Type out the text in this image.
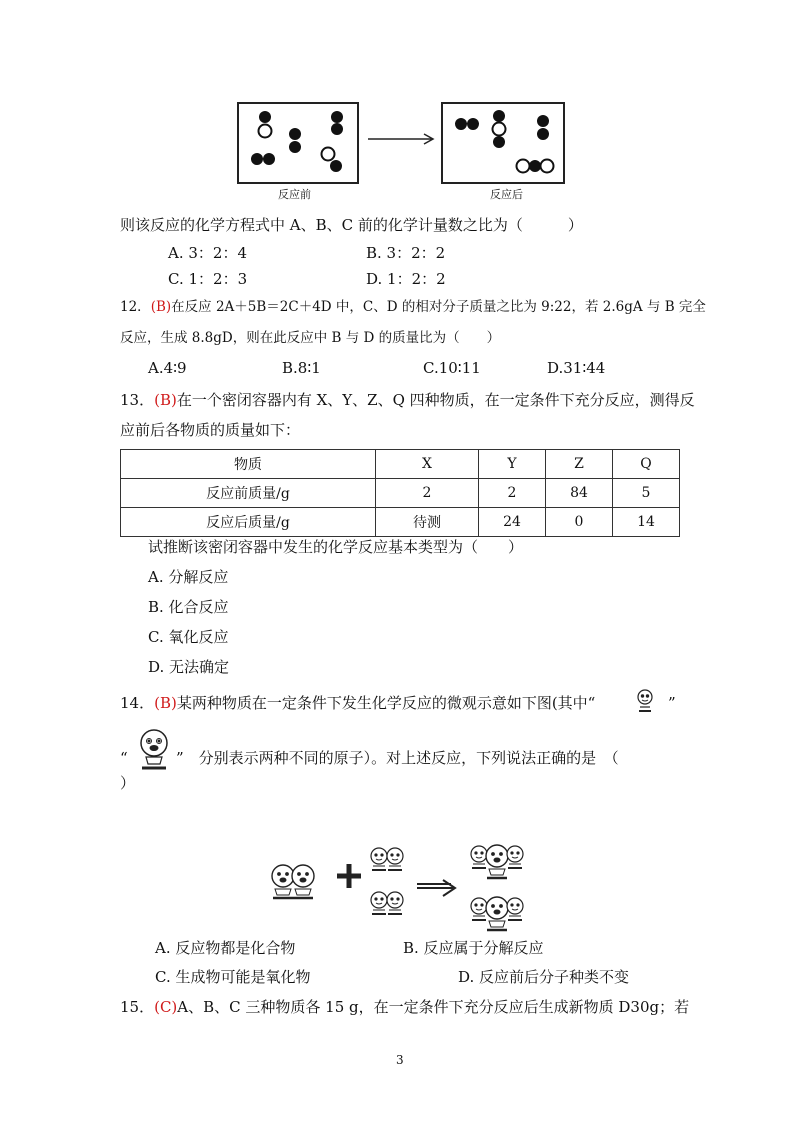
反应前	反应后
则该反应的化学方程式中 A、B、C 前的化学计量数之比为（　　　）
A. 3：2：4	B. 3：2：2
C. 1：2：3	D. 1：2：2
12．(B)在反应 2A＋5B＝2C＋4D 中，C、D 的相对分子质量之比为 9:22，若 2.6gA 与 B 完全
反应，生成 8.8gD，则在此反应中 B 与 D 的质量比为（　　）
A.4∶9	B.8∶1	C.10∶11	D.31∶44
13．(B)在一个密闭容器内有 X、Y、Z、Q 四种物质，在一定条件下充分反应，测得反
应前后各物质的质量如下：
物质	X	Y	Z	Q
反应前质量/g	2	2	84	5
反应后质量/g	待测	24	0	14
试推断该密闭容器中发生的化学反应基本类型为（　　）
A. 分解反应
B. 化合反应
C. 氧化反应
D. 无法确定
14．(B)某两种物质在一定条件下发生化学反应的微观示意如下图(其中“	”
“	”　分别表示两种不同的原子）。对上述反应，下列说法正确的是　（
）
A. 反应物都是化合物	B. 反应属于分解反应
C. 生成物可能是氧化物	D. 反应前后分子种类不变
15．(C)A、B、C 三种物质各 15 g，在一定条件下充分反应后生成新物质 D30g；若
3
